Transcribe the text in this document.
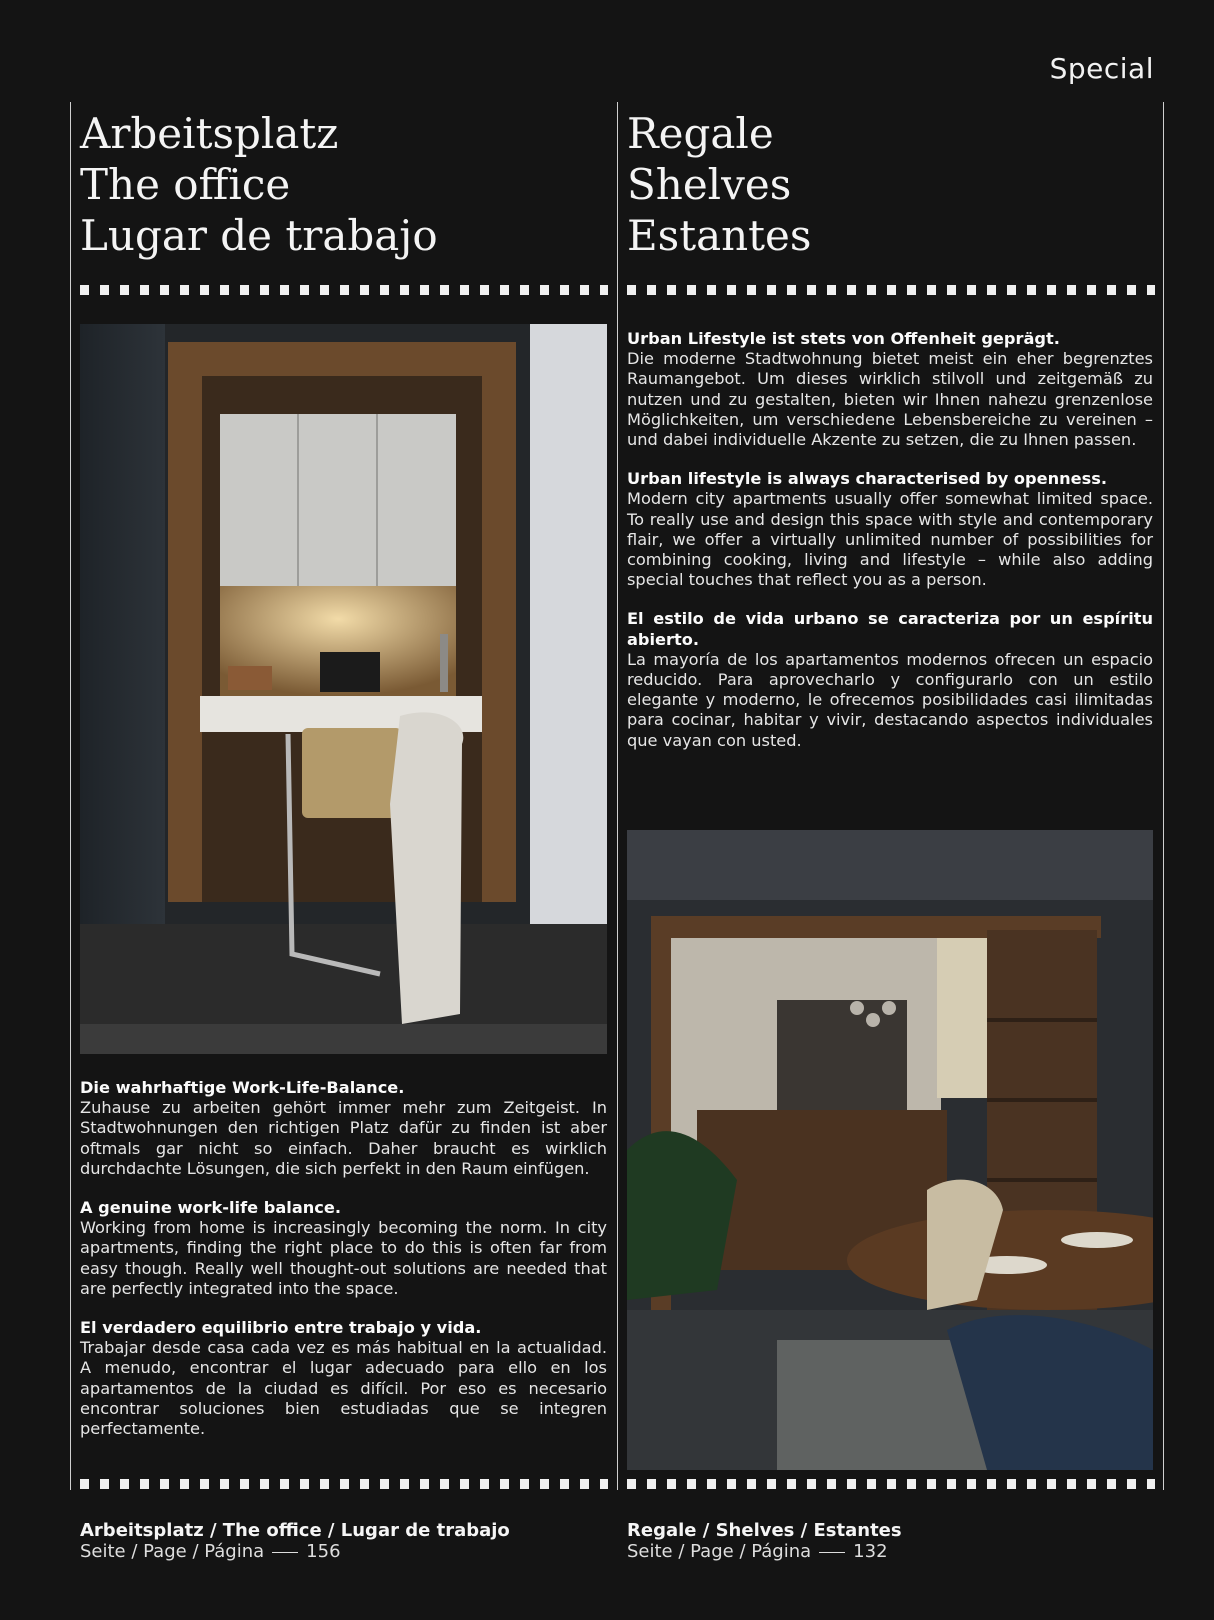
Special
Arbeitsplatz
The office
Lugar de trabajo

Die wahrhaftige Work-Life-Balance.
Zuhause zu arbeiten gehört immer mehr zum Zeitgeist. In Stadtwohnungen den richtigen Platz dafür zu finden ist aber oftmals gar nicht so einfach. Daher braucht es wirklich durchdachte Lösungen, die sich perfekt in den Raum einfügen.

A genuine work-life balance.
Working from home is increasingly becoming the norm. In city apartments, finding the right place to do this is often far from easy though. Really well thought-out solutions are needed that are perfectly integrated into the space.

El verdadero equilibrio entre trabajo y vida.
Trabajar desde casa cada vez es más habitual en la actualidad. A menudo, encontrar el lugar adecuado para ello en los apartamentos de la ciudad es difícil. Por eso es necesario encontrar soluciones bien estudiadas que se integren perfectamente.

Arbeitsplatz / The office / Lugar de trabajo
Seite / Page / Página 156
Regale
Shelves
Estantes

Urban Lifestyle ist stets von Offenheit geprägt.
Die moderne Stadtwohnung bietet meist ein eher begrenztes Raumangebot. Um dieses wirklich stilvoll und zeitgemäß zu nutzen und zu gestalten, bieten wir Ihnen nahezu grenzenlose Möglichkeiten, um verschiedene Lebensbereiche zu vereinen – und dabei individuelle Akzente zu setzen, die zu Ihnen passen.

Urban lifestyle is always characterised by openness.
Modern city apartments usually offer somewhat limited space. To really use and design this space with style and contemporary flair, we offer a virtually unlimited number of possibilities for combining cooking, living and lifestyle – while also adding special touches that reflect you as a person.

El estilo de vida urbano se caracteriza por un espíritu abierto.
La mayoría de los apartamentos modernos ofrecen un espacio reducido. Para aprovecharlo y configurarlo con un estilo elegante y moderno, le ofrecemos posibilidades casi ilimitadas para cocinar, habitar y vivir, destacando aspectos individuales que vayan con usted.

Regale / Shelves / Estantes
Seite / Page / Página 132
